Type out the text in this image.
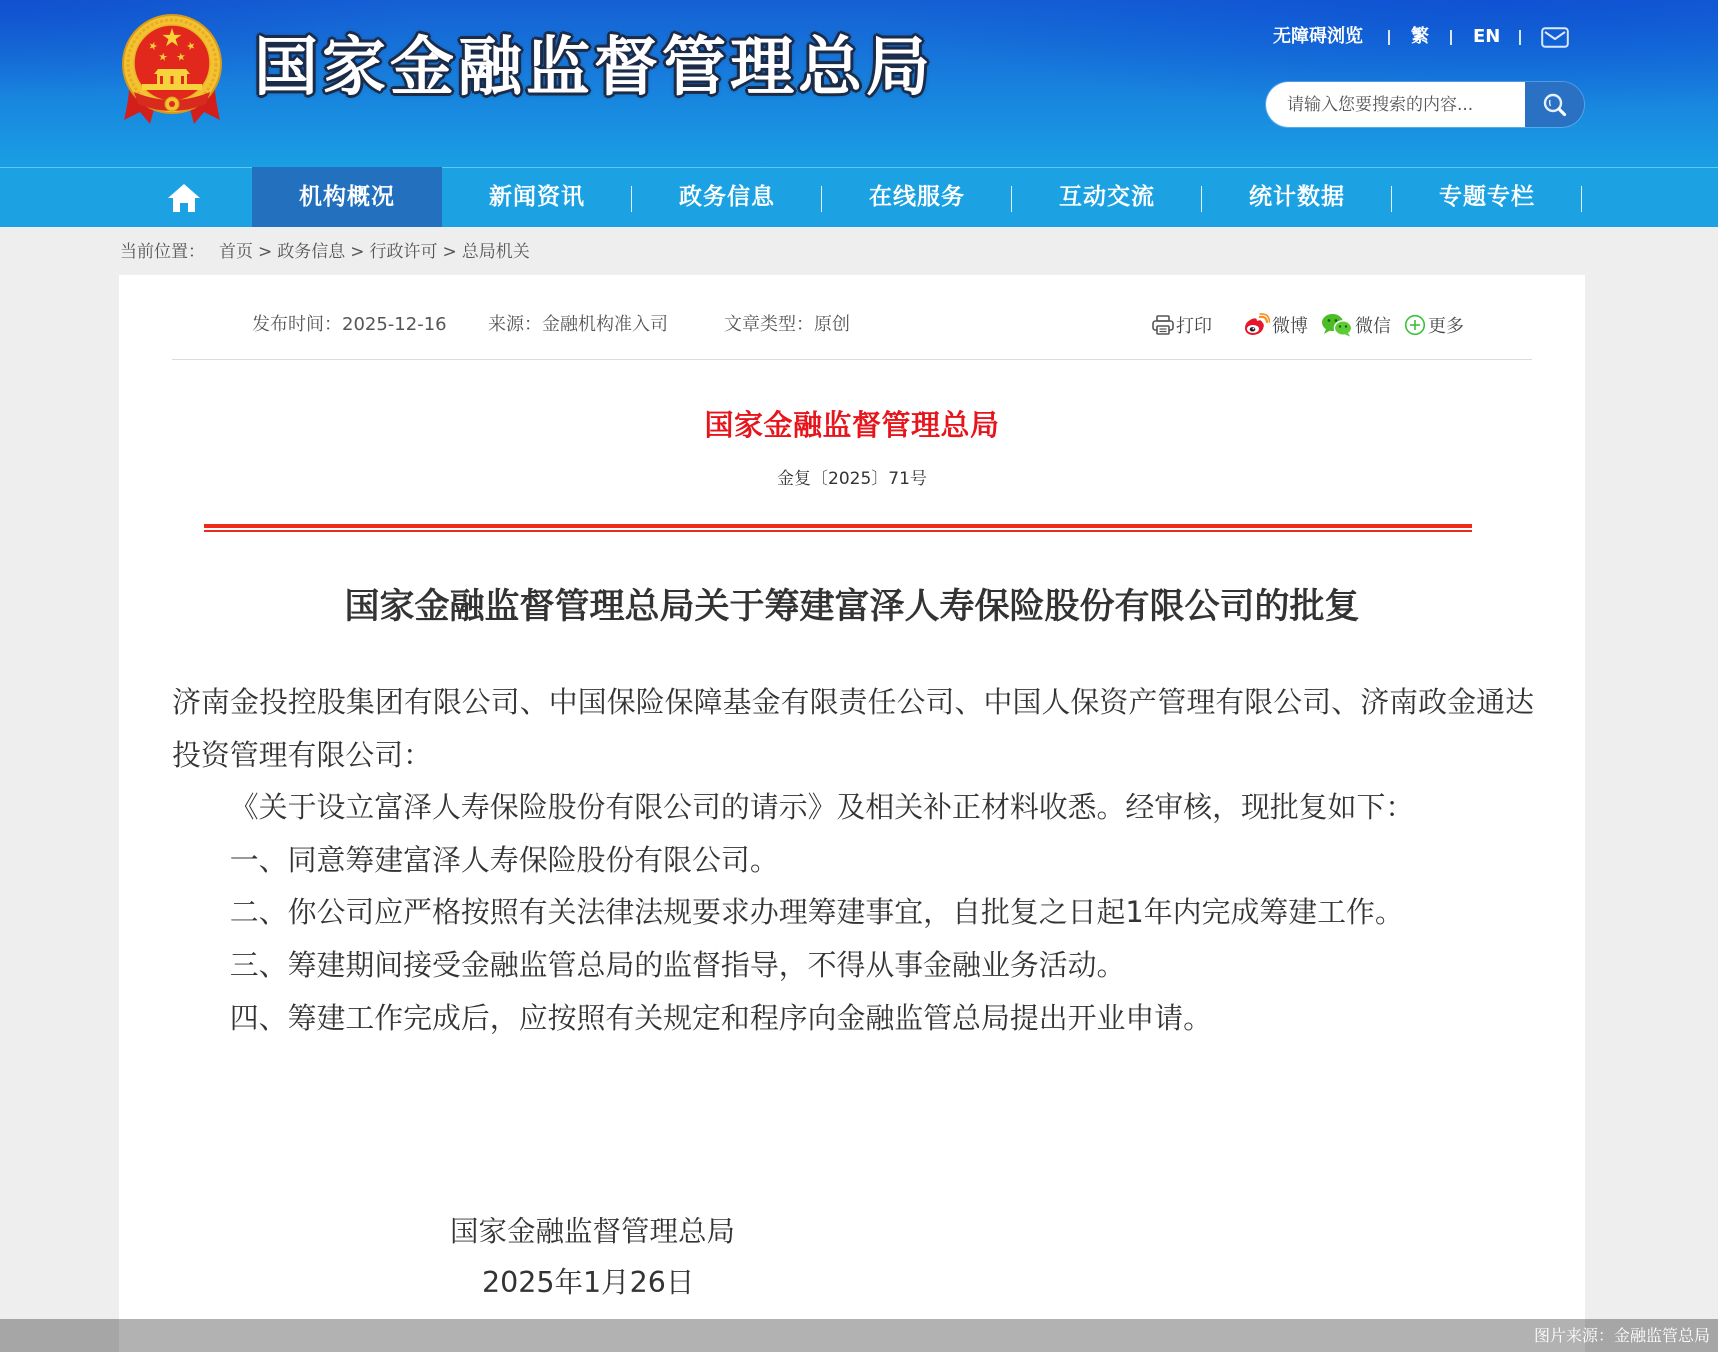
国家金融监督管理总局	无障碍浏览	繁 EN
请输入您要搜索的内容...
机构概况	新闻资讯	政务信息	在线服务	互动交流	统计数据	专题专栏
当前位置： 首页 > 政务信息 > 行政许可 > 总局机关
发布时间：2025-12-16 来源：金融机构准入司	文章类型：原创	打印	微博	微信 更多
国家金融监督管理总局
金复〔2025〕71号
国家金融监督管理总局关于筹建富泽人寿保险股份有限公司的批复

济南金投控股集团有限公司、中国保险保障基金有限责任公司、中国人保资产管理有限公司、济南政金通达投资管理有限公司：

《关于设立富泽人寿保险股份有限公司的请示》及相关补正材料收悉。经审核，现批复如下：

一、同意筹建富泽人寿保险股份有限公司。

二、你公司应严格按照有关法律法规要求办理筹建事宜，自批复之日起1年内完成筹建工作。

三、筹建期间接受金融监管总局的监督指导，不得从事金融业务活动。

四、筹建工作完成后，应按照有关规定和程序向金融监管总局提出开业申请。

国家金融监督管理总局
2025年1月26日
图片来源：金融监管总局
